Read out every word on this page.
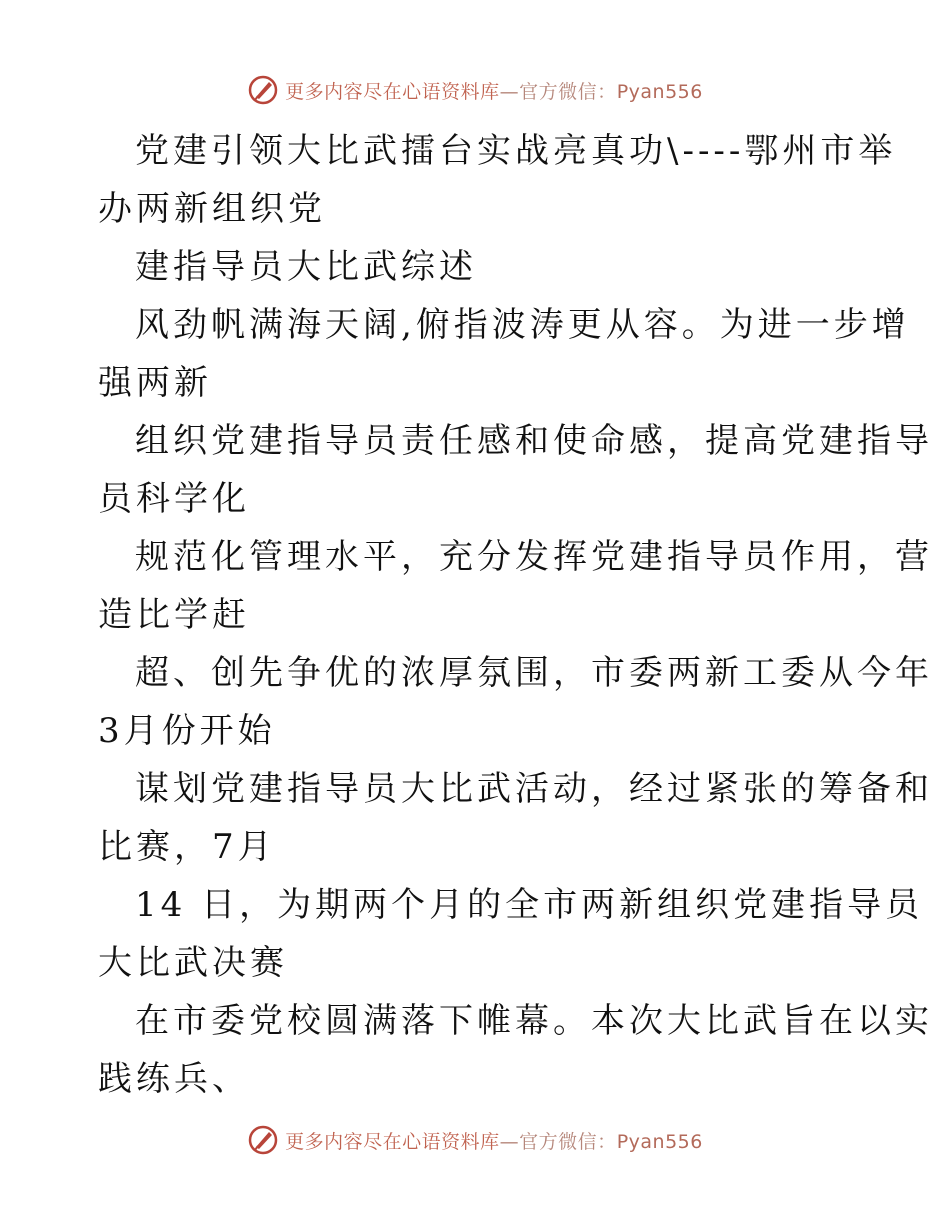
更多内容尽在心语资料库—官方微信：Pyan556
党建引领大比武擂台实战亮真功\----鄂州市举
办两新组织党
建指导员大比武综述
风劲帆满海天阔,俯指波涛更从容。为进一步增
强两新
组织党建指导员责任感和使命感，提高党建指导
员科学化
规范化管理水平，充分发挥党建指导员作用，营
造比学赶
超、创先争优的浓厚氛围，市委两新工委从今年
3月份开始
谋划党建指导员大比武活动，经过紧张的筹备和
比赛，7月
14 日，为期两个月的全市两新组织党建指导员
大比武决赛
在市委党校圆满落下帷幕。本次大比武旨在以实
践练兵、
更多内容尽在心语资料库—官方微信：Pyan556
